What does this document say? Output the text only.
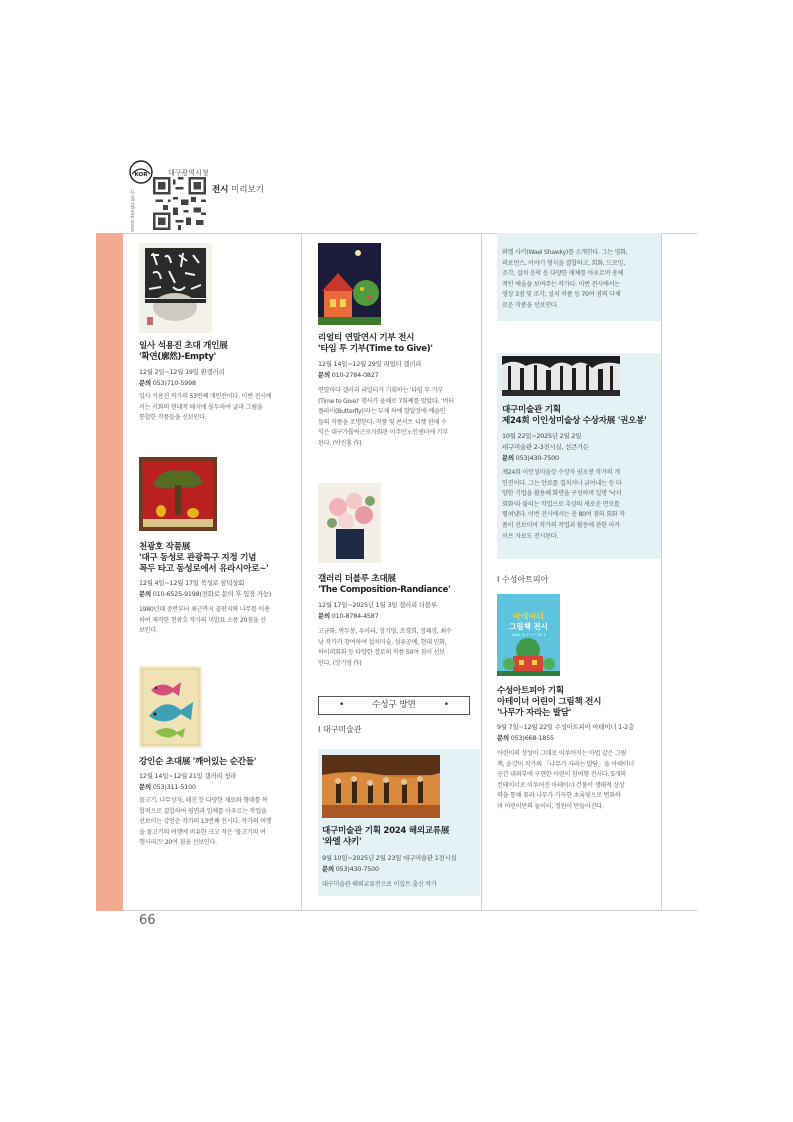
KOR
www.daegu.go.kr
대구광역시청
전시 미리보기
66
일사 석용진 초대 개인展
'확연(廓然)-Empty'
12월 2일~12월 19일 환갤러리
문의 053)710-5998
일사 석용진 작가의 53번째 개인전이다. 이번 전시에
서는 서화의 현대적 해석에 몰두하여 글과 그림을
통합한 작품들을 선보인다.
천광호 작품展
'대구 동성로 관광특구 지정 기념
꼭두 타고 동성로에서 유라시아로~'
12월 4일~12월 17일 북성로 삼덕상회
문의 010-6525-9198(전화로 문의 후 입장 가능)
1980년대 중반부터 최근까지 골판지와 나무를 이용
하여 제작한 천광호 작가의 미발표 소품 20점을 선
보인다.
강인순 초대展 '깨어있는 순간들'
12월 14일~12월 21일 갤러리 청라
문의 053)311-5100
물고기, 나무상자, 레진 등 다양한 재료와 형태를 복
합적으로 결합하여 평면과 입체를 아우르는 작업을
선보이는 강인순 작가의 13번째 전시다. 작가의 여행
을 물고기의 여행에 비유한 크고 작은 '물고기의 여
행시리즈' 20여 점을 선보인다.
리얼티 연말연시 기부 전시
'타임 투 기부(Time to Give)'
12월 14일~12월 29일 리얼티 갤러리
문의 010-2784-0827
연말마다 갤러리 리얼티가 기획하는 '타임 투 기부
(Time to Give)' 행사가 올해로 7회째를 맞았다. '버터
플라이(Butterfly)'라는 부제 하에 발달장애 예술인
들의 작품을 조명한다. 작품 및 콘서트 티켓 판매 수
익은 대구가톨릭근로자회관 이주민노인센터에 기부
된다. (박진홍 作)
갤러리 더블루 초대展
'The Composition-Randiance'
12월 17일~2025년 1월 3일 갤러리 더블루
문의 010-8784-4587
고금화, 박두봉, 우아라, 장기영, 조경희, 정혜경, 최수
남 작가가 참여하여 설치미술, 섬유공예, 현대 민화,
하이퍼회화 등 다양한 장르의 작품 50여 점이 선보
인다. (장기영 作)
•	수성구 방면	•
I 대구미술관
대구미술관 기획 2024 해외교류展
'와엘 샤키'
9월 10일~2025년 2월 23일 대구미술관 1전시실
문의 053)430-7500
대구미술관 해외교류전으로 이집트 출신 작가
와엘 샤키(Wael Shawky)를 소개한다. 그는 영화,
퍼포먼스, 이야기 형식을 결합하고, 회화, 드로잉,
조각, 설치 음악 등 다양한 매체를 아우르며 총체
적인 예술을 보여주는 작가다. 이번 전시에서는
영상 3점 및 조각, 설치 작품 등 70여 점의 다채
로운 작품을 선보인다.
대구미술관 기획
제24회 이인성미술상 수상자展 '권오봉'
10월 22일~2025년 2월 2일
대구미술관 2-3전시실, 선큰가든
문의 053)430-7500
제24회 이인성미술상 수상자 권오봉 작가의 개
인전이다. 그는 안료를 겹치거나 긁어내는 등 다
양한 기법을 활용해 화면을 구성하며 일명 '낙서
회화'라 불리는 작업으로 추상의 새로운 면모를
펼쳐냈다. 이번 전시에서는 총 80여 점의 회화 작
품이 선보이며 작가의 작업과 활동에 관한 아카
이브 자료도 전시된다.
I 수성아트피아
아테이너
그림책 전시
2024. 9. 7 ─── 12. 1
수성아트피아 기획
아테이너 어린이 그림책 전시
'나무가 자라는 발담'
9월 7일~12월 22일 수성아트피아 아테이너 1-2층
문의 053)668-1855
어린이의 상상이 그대로 이루어지는 마법 같은 그림
책, 윤강미 작가의 「나무가 자라는 발담」을 아테이너
공간 내외부에 구현한 어린이 참여형 전시다. 5개의
컨테이너로 이루어진 아테이너 건물이 생태적 상상
력을 통해 꽃과 나무가 가득한 초록빛으로 변화하
며 어린이만의 놀이터, 정원이 만들어진다.
